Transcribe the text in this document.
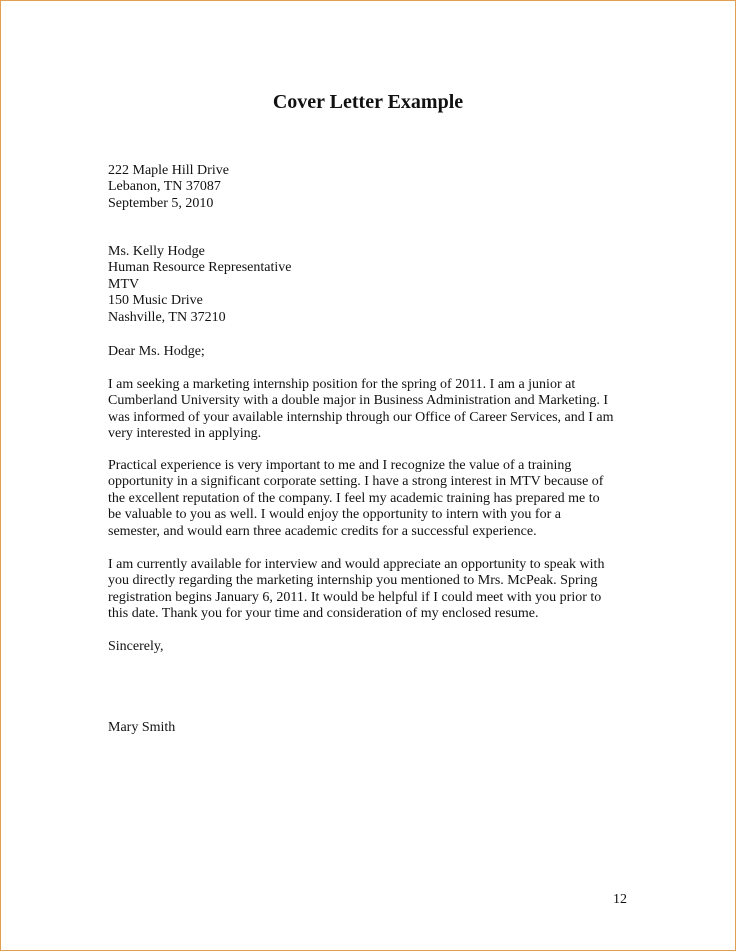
Cover Letter Example
222 Maple Hill Drive
Lebanon, TN 37087
September 5, 2010
Ms. Kelly Hodge
Human Resource Representative
MTV
150 Music Drive
Nashville, TN 37210
Dear Ms. Hodge;
I am seeking a marketing internship position for the spring of 2011. I am a junior at
Cumberland University with a double major in Business Administration and Marketing. I
was informed of your available internship through our Office of Career Services, and I am
very interested in applying.
Practical experience is very important to me and I recognize the value of a training
opportunity in a significant corporate setting. I have a strong interest in MTV because of
the excellent reputation of the company. I feel my academic training has prepared me to
be valuable to you as well. I would enjoy the opportunity to intern with you for a
semester, and would earn three academic credits for a successful experience.
I am currently available for interview and would appreciate an opportunity to speak with
you directly regarding the marketing internship you mentioned to Mrs. McPeak. Spring
registration begins January 6, 2011. It would be helpful if I could meet with you prior to
this date. Thank you for your time and consideration of my enclosed resume.
Sincerely,
Mary Smith
12
